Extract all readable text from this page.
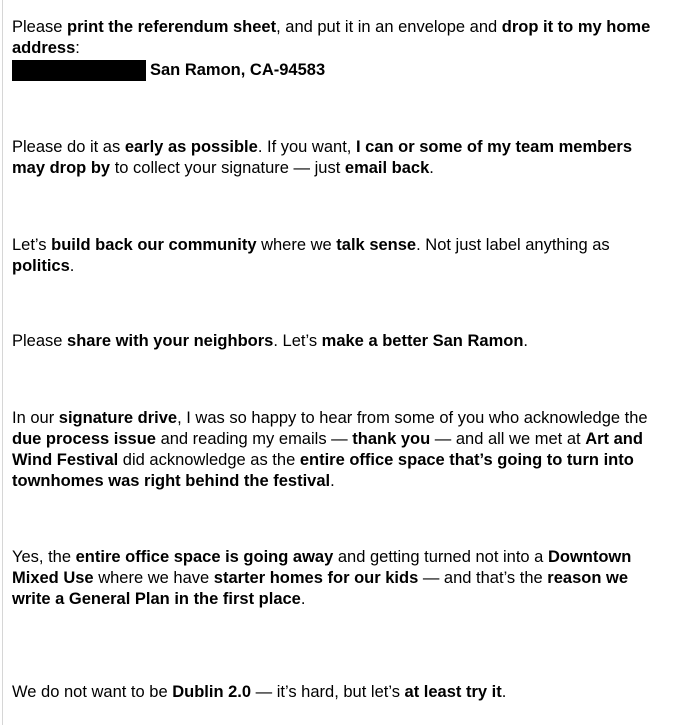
Please print the referendum sheet, and put it in an envelope and drop it to my home address:

San Ramon, CA-94583

Please do it as early as possible. If you want, I can or some of my team members may drop by to collect your signature — just email back.

Let’s build back our community where we talk sense. Not just label anything as politics.

Please share with your neighbors. Let’s make a better San Ramon.

In our signature drive, I was so happy to hear from some of you who acknowledge the due process issue and reading my emails — thank you — and all we met at Art and Wind Festival did acknowledge as the entire office space that’s going to turn into townhomes was right behind the festival.

Yes, the entire office space is going away and getting turned not into a Downtown Mixed Use where we have starter homes for our kids — and that’s the reason we write a General Plan in the first place.

We do not want to be Dublin 2.0 — it’s hard, but let’s at least try it.
